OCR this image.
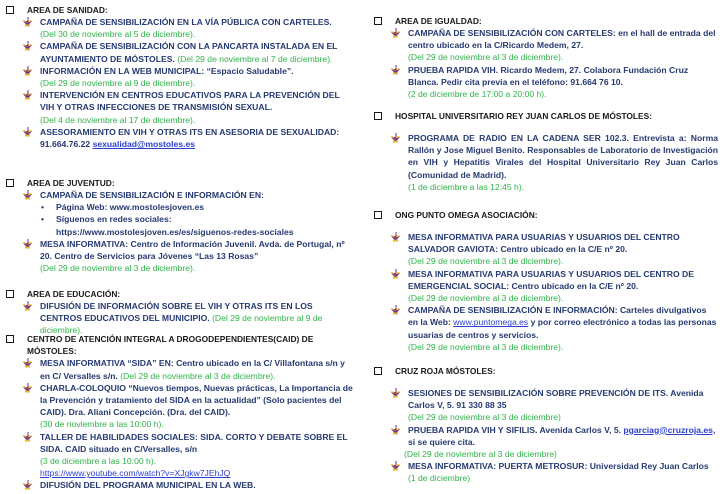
AREA DE SANIDAD:
CAMPAÑA DE SENSIBILIZACIÓN EN LA VÍA PÚBLICA CON CARTELES.
(Del 30 de noviembre al 5 de diciembre).
CAMPAÑA DE SENSIBILIZACIÓN CON LA PANCARTA INSTALADA EN EL AYUNTAMIENTO DE MÓSTOLES. (Del 29 de noviembre al 7 de diciembre).
INFORMACIÓN EN LA WEB MUNICIPAL: “Espacio Saludable”.
(Del 29 de noviembre al 9 de diciembre).
INTERVENCIÓN EN CENTROS EDUCATIVOS PARA LA PREVENCIÓN DEL VIH Y OTRAS INFECCIONES DE TRANSMISIÓN SEXUAL.
(Del 4 de noviembre al 17 de diciembre).
ASESORAMIENTO EN VIH Y OTRAS ITS EN ASESORIA DE SEXUALIDAD:
91.664.76.22 sexualidad@mostoles.es
AREA DE JUVENTUD:
CAMPAÑA DE SENSIBILIZACIÓN E INFORMACIÓN EN:
• Página Web: www.mostolesjoven.es
• Síguenos en redes sociales:
https://www.mostolesjoven.es/es/siguenos-redes-sociales
MESA INFORMATIVA: Centro de Información Juvenil. Avda. de Portugal, nº 20. Centro de Servicios para Jóvenes “Las 13 Rosas”
(Del 29 de noviembre al 3 de diciembre).
AREA DE EDUCACIÓN:
DIFUSIÓN DE INFORMACIÓN SOBRE EL VIH Y OTRAS ITS EN LOS CENTROS EDUCATIVOS DEL MUNICIPIO. (Del 29 de noviembre al 9 de diciembre).
CENTRO DE ATENCIÓN INTEGRAL A DROGODEPENDIENTES(CAID) DE MÓSTOLES:
MESA INFORMATIVA “SIDA” EN: Centro ubicado en la C/ Villafontana s/n y en C/ Versalles s/n. (Del 29 de noviembre al 3 de diciembre).
CHARLA-COLOQUIO “Nuevos tiempos, Nuevas prácticas, La Importancia de la Prevención y tratamiento del SIDA en la actualidad” (Solo pacientes del CAID). Dra. Aliani Concepción. (Dra. del CAID).
(30 de noviembre a las 10:00 h).
TALLER DE HABILIDADES SOCIALES: SIDA. CORTO Y DEBATE SOBRE EL SIDA. CAID situado en C/Versalles, s/n
(3 de diciembre a las 10:00 h).
https://www.youtube.com/watch?v=XJgkw7JEhJQ
DIFUSIÓN DEL PROGRAMA MUNICIPAL EN LA WEB.
AREA DE IGUALDAD:
CAMPAÑA DE SENSIBILIZACIÓN CON CARTELES: en el hall de entrada del centro ubicado en la C/Ricardo Medem, 27.
(Del 29 de noviembre al 3 de diciembre).
PRUEBA RAPIDA VIH. Ricardo Medem, 27. Colabora Fundación Cruz Blanca. Pedir cita previa en el teléfono: 91.664 76 10.
(2 de diciembre de 17:00 a 20:00 h).
HOSPITAL UNIVERSITARIO REY JUAN CARLOS DE MÓSTOLES:
PROGRAMA DE RADIO EN LA CADENA SER 102.3. Entrevista a: Norma Rallón y Jose Miguel Benito. Responsables de Laboratorio de Investigación en VIH y Hepatitis Virales del Hospital Universitario Rey Juan Carlos (Comunidad de Madrid).
(1 de diciembre a las 12:45 h).
ONG PUNTO OMEGA ASOCIACIÓN:
MESA INFORMATIVA PARA USUARIAS Y USUARIOS DEL CENTRO SALVADOR GAVIOTA: Centro ubicado en la C/E nº 20.
(Del 29 de noviembre al 3 de diciembre).
MESA INFORMATIVA PARA USUARIAS Y USUARIOS DEL CENTRO DE EMERGENCIAL SOCIAL: Centro ubicado en la C/E nº 20.
(Del 29 de noviembre al 3 de diciembre).
CAMPAÑA DE SENSIBILIZACIÓN E INFORMACIÓN: Carteles divulgativos en la Web: www.puntomega.es y por correo electrónico a todas las personas usuarias de centros y servicios.
(Del 29 de noviembre al 3 de diciembre).
CRUZ ROJA MÓSTOLES:
SESIONES DE SENSIBILIZACIÓN SOBRE PREVENCIÓN DE ITS. Avenida Carlos V, 5. 91 330 88 35
(Del 29 de noviembre al 3 de diciembre)
PRUEBA RAPIDA VIH Y SIFILIS. Avenida Carlos V, 5. pgarciag@cruzroja.es, si se quiere cita.
(Del 29 de noviembre al 3 de diciembre)
MESA INFORMATIVA: PUERTA METROSUR: Universidad Rey Juan Carlos
(1 de diciembre)
